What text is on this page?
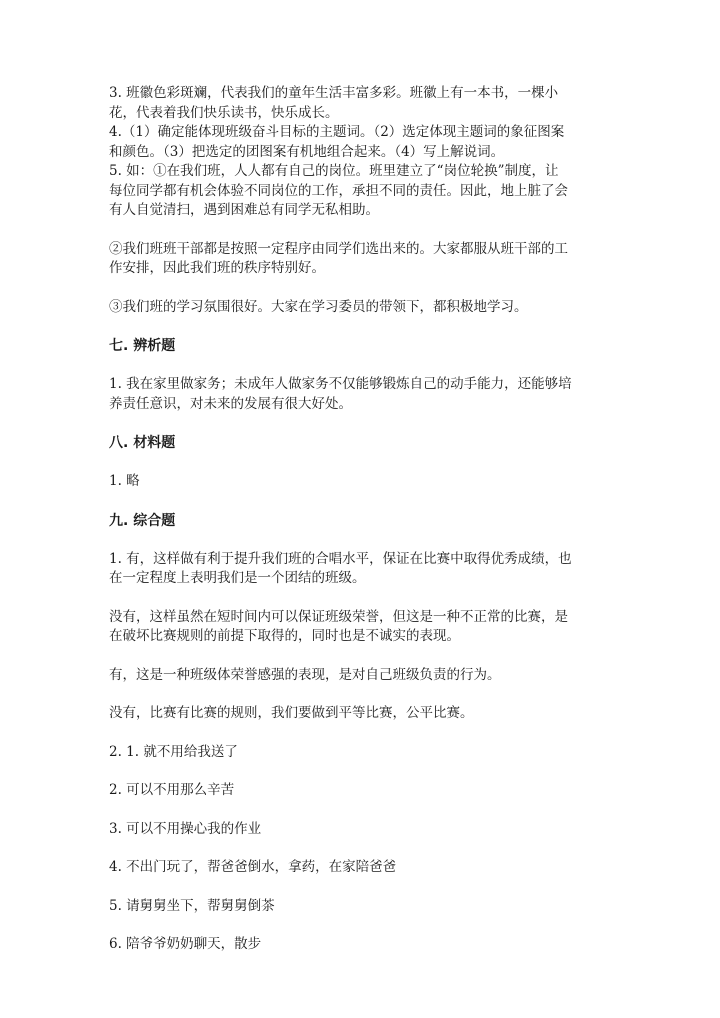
3. 班徽色彩斑斓，代表我们的童年生活丰富多彩。班徽上有一本书，一棵小

花，代表着我们快乐读书，快乐成长。

4.（1）确定能体现班级奋斗目标的主题词。（2）选定体现主题词的象征图案

和颜色。（3）把选定的团图案有机地组合起来。（4）写上解说词。

5. 如：①在我们班，人人都有自己的岗位。班里建立了“岗位轮换”制度，让

每位同学都有机会体验不同岗位的工作，承担不同的责任。因此，地上脏了会

有人自觉清扫，遇到困难总有同学无私相助。

②我们班班干部都是按照一定程序由同学们选出来的。大家都服从班干部的工

作安排，因此我们班的秩序特别好。

③我们班的学习氛围很好。大家在学习委员的带领下，都积极地学习。

七. 辨析题

1. 我在家里做家务；未成年人做家务不仅能够锻炼自己的动手能力，还能够培

养责任意识，对未来的发展有很大好处。

八. 材料题

1. 略

九. 综合题

1. 有，这样做有利于提升我们班的合唱水平，保证在比赛中取得优秀成绩，也

在一定程度上表明我们是一个团结的班级。

没有，这样虽然在短时间内可以保证班级荣誉，但这是一种不正常的比赛，是

在破坏比赛规则的前提下取得的，同时也是不诚实的表现。

有，这是一种班级体荣誉感强的表现，是对自己班级负责的行为。

没有，比赛有比赛的规则，我们要做到平等比赛，公平比赛。

2. 1. 就不用给我送了

2. 可以不用那么辛苦

3. 可以不用操心我的作业

4. 不出门玩了，帮爸爸倒水，拿药，在家陪爸爸

5. 请舅舅坐下，帮舅舅倒茶

6. 陪爷爷奶奶聊天，散步
